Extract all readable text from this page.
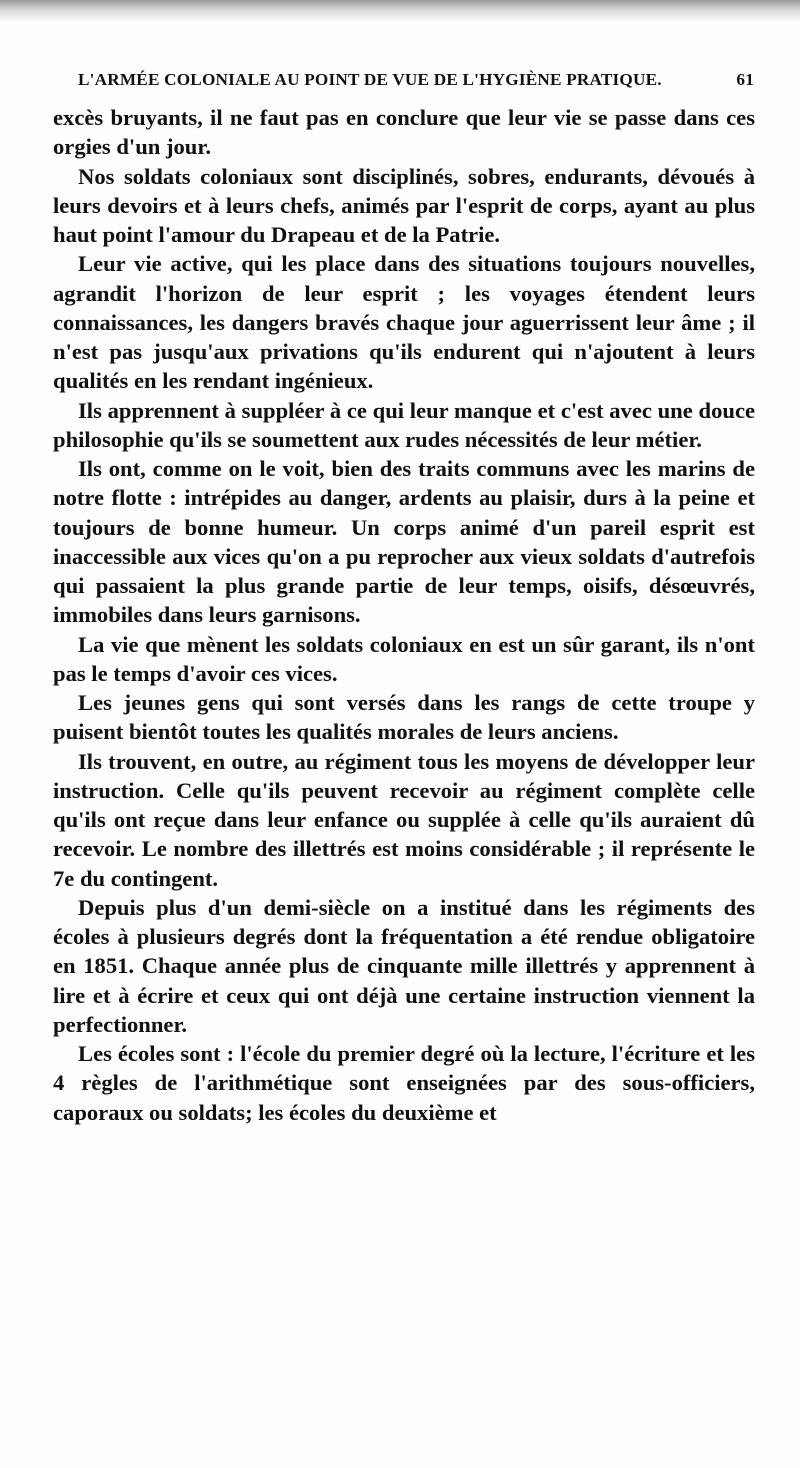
L'ARMÉE COLONIALE AU POINT DE VUE DE L'HYGIÈNE PRATIQUE.	61

excès bruyants, il ne faut pas en conclure que leur vie se passe dans ces orgies d'un jour.

Nos soldats coloniaux sont disciplinés, sobres, endurants, dévoués à leurs devoirs et à leurs chefs, animés par l'esprit de corps, ayant au plus haut point l'amour du Drapeau et de la Patrie.

Leur vie active, qui les place dans des situations toujours nouvelles, agrandit l'horizon de leur esprit ; les voyages étendent leurs connaissances, les dangers bravés chaque jour aguerrissent leur âme ; il n'est pas jusqu'aux privations qu'ils endurent qui n'ajoutent à leurs qualités en les rendant ingénieux.

Ils apprennent à suppléer à ce qui leur manque et c'est avec une douce philosophie qu'ils se soumettent aux rudes nécessités de leur métier.

Ils ont, comme on le voit, bien des traits communs avec les marins de notre flotte : intrépides au danger, ardents au plaisir, durs à la peine et toujours de bonne humeur. Un corps animé d'un pareil esprit est inaccessible aux vices qu'on a pu reprocher aux vieux soldats d'autrefois qui passaient la plus grande partie de leur temps, oisifs, désœuvrés, immobiles dans leurs garnisons.

La vie que mènent les soldats coloniaux en est un sûr garant, ils n'ont pas le temps d'avoir ces vices.

Les jeunes gens qui sont versés dans les rangs de cette troupe y puisent bientôt toutes les qualités morales de leurs anciens.

Ils trouvent, en outre, au régiment tous les moyens de développer leur instruction. Celle qu'ils peuvent recevoir au régiment complète celle qu'ils ont reçue dans leur enfance ou supplée à celle qu'ils auraient dû recevoir. Le nombre des illettrés est moins considérable ; il représente le 7e du contingent.

Depuis plus d'un demi-siècle on a institué dans les régiments des écoles à plusieurs degrés dont la fréquentation a été rendue obligatoire en 1851. Chaque année plus de cinquante mille illettrés y apprennent à lire et à écrire et ceux qui ont déjà une certaine instruction viennent la perfectionner.

Les écoles sont : l'école du premier degré où la lecture, l'écriture et les 4 règles de l'arithmétique sont enseignées par des sous-officiers, caporaux ou soldats; les écoles du deuxième et
